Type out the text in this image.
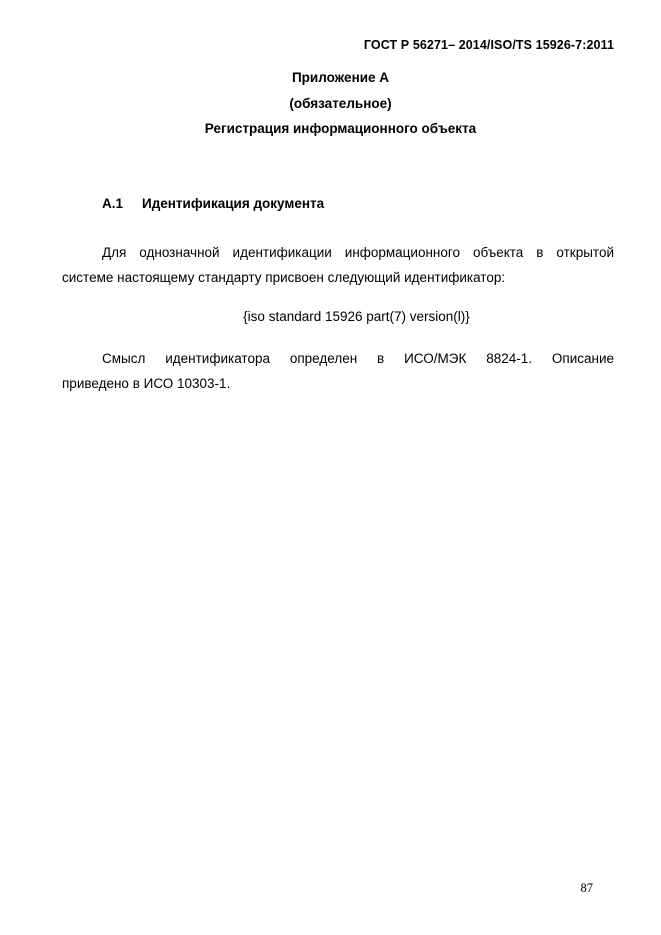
ГОСТ Р 56271– 2014/ISO/TS 15926-7:2011
Приложение А
(обязательное)
Регистрация информационного объекта
А.1 Идентификация документа
Для однозначной идентификации информационного объекта в открытой
системе настоящему стандарту присвоен следующий идентификатор:
{iso standard 15926 part(7) version(l)}
Смысл идентификатора определен в ИСО/МЭК 8824-1. Описание
приведено в ИСО 10303-1.
87
